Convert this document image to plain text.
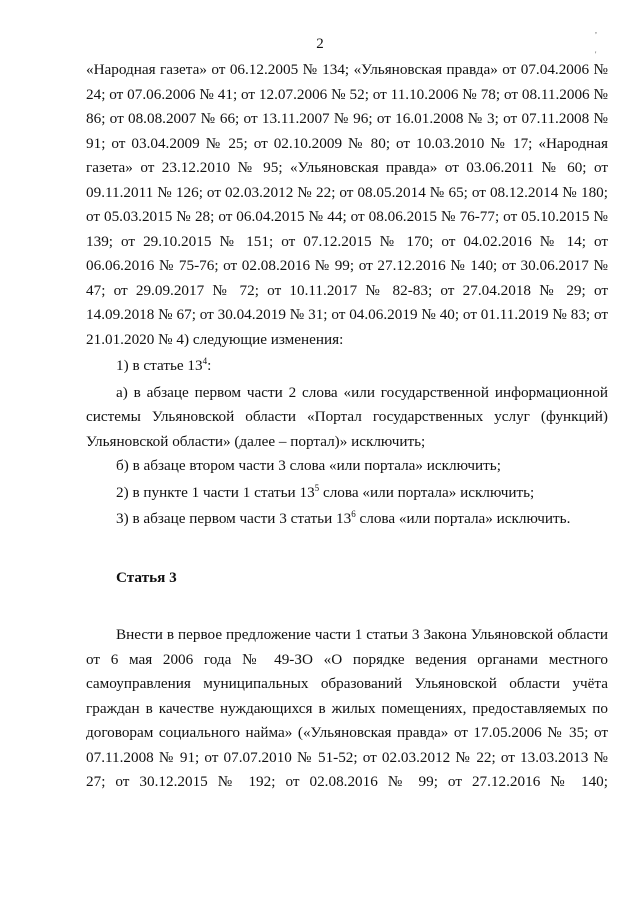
,
'
2

«Народная газета» от 06.12.2005 № 134; «Ульяновская правда» от 07.04.2006 № 24; от 07.06.2006 № 41; от 12.07.2006 № 52; от 11.10.2006 № 78; от 08.11.2006 № 86; от 08.08.2007 № 66; от 13.11.2007 № 96; от 16.01.2008 № 3; от 07.11.2008 № 91; от 03.04.2009 № 25; от 02.10.2009 № 80; от 10.03.2010 № 17; «Народная газета» от 23.12.2010 № 95; «Ульяновская правда» от 03.06.2011 № 60; от 09.11.2011 № 126; от 02.03.2012 № 22; от 08.05.2014 № 65; от 08.12.2014 № 180; от 05.03.2015 № 28; от 06.04.2015 № 44; от 08.06.2015 № 76-77; от 05.10.2015 № 139; от 29.10.2015 № 151; от 07.12.2015 № 170; от 04.02.2016 № 14; от 06.06.2016 № 75-76; от 02.08.2016 № 99; от 27.12.2016 № 140; от 30.06.2017 № 47; от 29.09.2017 № 72; от 10.11.2017 № 82-83; от 27.04.2018 № 29; от 14.09.2018 № 67; от 30.04.2019 № 31; от 04.06.2019 № 40; от 01.11.2019 № 83; от 21.01.2020 № 4) следующие изменения:

1) в статье $13^4$:

а) в абзаце первом части 2 слова «или государственной информационной системы Ульяновской области «Портал государственных услуг (функций) Ульяновской области» (далее – портал)» исключить;

б) в абзаце втором части 3 слова «или портала» исключить;

2) в пункте 1 части 1 статьи $13^5$ слова «или портала» исключить;

3) в абзаце первом части 3 статьи $13^6$ слова «или портала» исключить.

Статья 3

Внести в первое предложение части 1 статьи 3 Закона Ульяновской области от 6 мая 2006 года № 49-ЗО «О порядке ведения органами местного самоуправления муниципальных образований Ульяновской области учёта граждан в качестве нуждающихся в жилых помещениях, предоставляемых по договорам социального найма» («Ульяновская правда» от 17.05.2006 № 35; от 07.11.2008 № 91; от 07.07.2010 № 51-52; от 02.03.2012 № 22; от 13.03.2013 № 27; от 30.12.2015 № 192; от 02.08.2016 № 99; от 27.12.2016 № 140;
